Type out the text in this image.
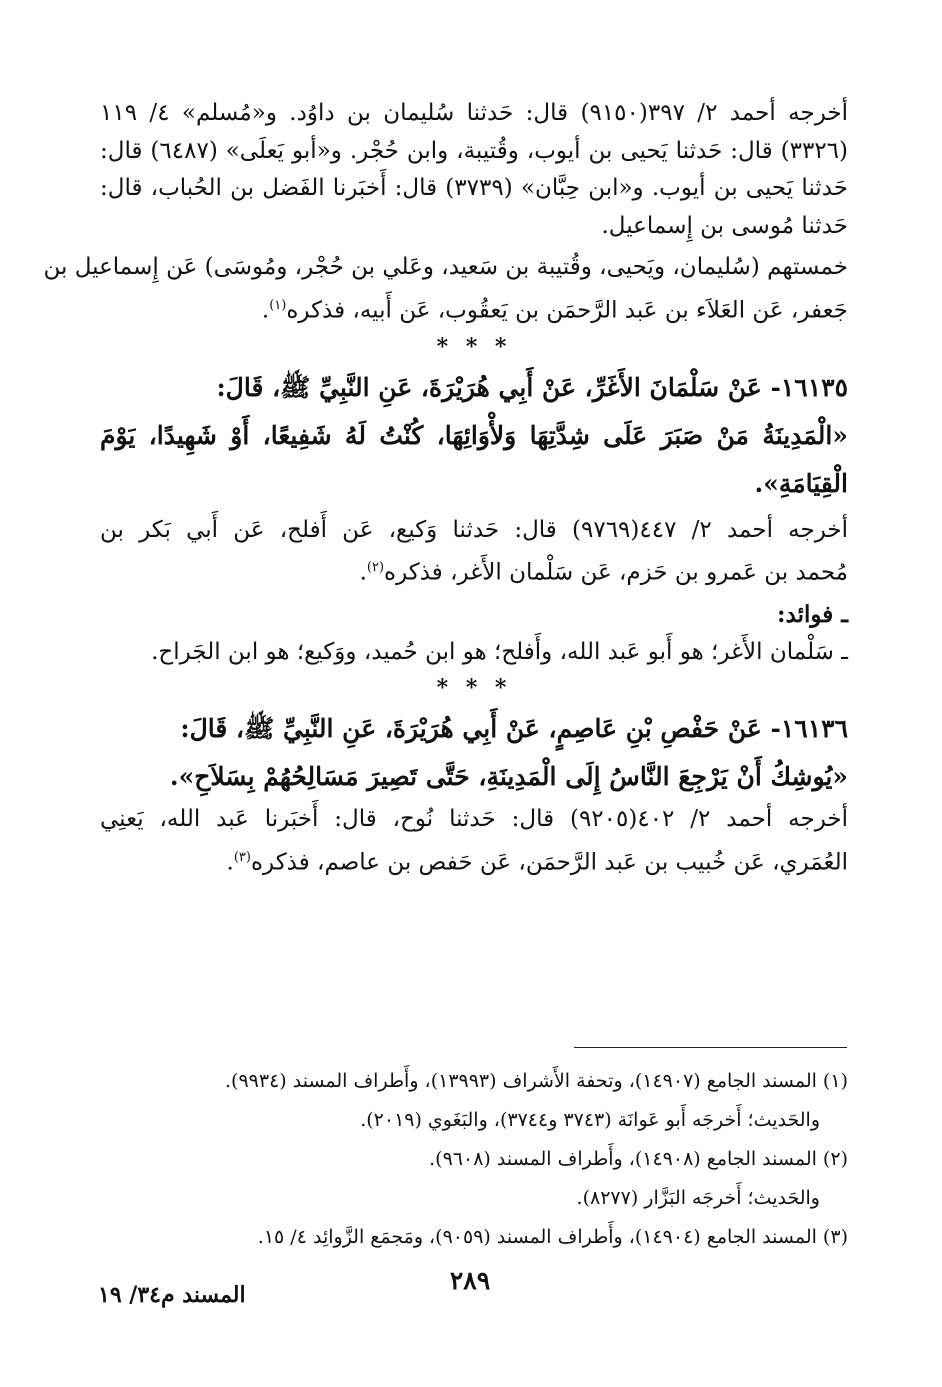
أخرجه أحمد ٢/ ٣٩٧(٩١٥٠) قال: حَدثنا سُليمان بن داوُد. و«مُسلم» ٤/ ١١٩
(٣٣٢٦) قال: حَدثنا يَحيى بن أيوب، وقُتيبة، وابن حُجْر. و«أبو يَعلَى» (٦٤٨٧) قال:
حَدثنا يَحيى بن أيوب. و«ابن حِبَّان» (٣٧٣٩) قال: أَخبَرنا الفَضل بن الحُباب، قال:
حَدثنا مُوسى بن إِسماعيل.
خمستهم (سُليمان، ويَحيى، وقُتيبة بن سَعيد، وعَلي بن حُجْر، ومُوسَى) عَن إِسماعيل بن
جَعفر، عَن العَلاَء بن عَبد الرَّحمَن بن يَعقُوب، عَن أَبيه، فذكره$^{(١)}$.
* * *
١٦١٣٥- عَنْ سَلْمَانَ الأَغَرِّ، عَنْ أَبِي هُرَيْرَةَ، عَنِ النَّبِيِّ ﷺ، قَالَ:
«الْمَدِينَةُ مَنْ صَبَرَ عَلَى شِدَّتِهَا وَلأْوَائِهَا، كُنْتُ لَهُ شَفِيعًا، أَوْ شَهِيدًا، يَوْمَ
الْقِيَامَةِ».
أخرجه أحمد ٢/ ٤٤٧(٩٧٦٩) قال: حَدثنا وَكيع، عَن أَفلح، عَن أَبي بَكر بن
مُحمد بن عَمرو بن حَزم، عَن سَلْمان الأَغر، فذكره$^{(٢)}$.
ـ فوائد:
ـ سَلْمان الأَغر؛ هو أَبو عَبد الله، وأَفلح؛ هو ابن حُميد، ووَكيع؛ هو ابن الجَراح.
* * *
١٦١٣٦- عَنْ حَفْصِ بْنِ عَاصِمٍ، عَنْ أَبِي هُرَيْرَةَ، عَنِ النَّبِيِّ ﷺ، قَالَ:
«يُوشِكُ أَنْ يَرْجِعَ النَّاسُ إِلَى الْمَدِينَةِ، حَتَّى تَصِيرَ مَسَالِحُهُمْ بِسَلاَحِ».
أخرجه أحمد ٢/ ٤٠٢(٩٢٠٥) قال: حَدثنا نُوح، قال: أَخبَرنا عَبد الله، يَعنِي
العُمَري، عَن خُبيب بن عَبد الرَّحمَن، عَن حَفص بن عاصم، فذكره$^{(٣)}$.
(١) المسند الجامع (١٤٩٠٧)، وتحفة الأَشراف (١٣٩٩٣)، وأَطراف المسند (٩٩٣٤).
والحَديث؛ أَخرجَه أَبو عَوانَة (٣٧٤٣ و٣٧٤٤)، والبَغَوي (٢٠١٩).
(٢) المسند الجامع (١٤٩٠٨)، وأَطراف المسند (٩٦٠٨).
والحَديث؛ أَخرجَه البَزَّار (٨٢٧٧).
(٣) المسند الجامع (١٤٩٠٤)، وأَطراف المسند (٩٠٥٩)، ومَجمَع الزَّوائِد ٤/ ١٥.
٢٨٩
المسند م٣٤/ ١٩
